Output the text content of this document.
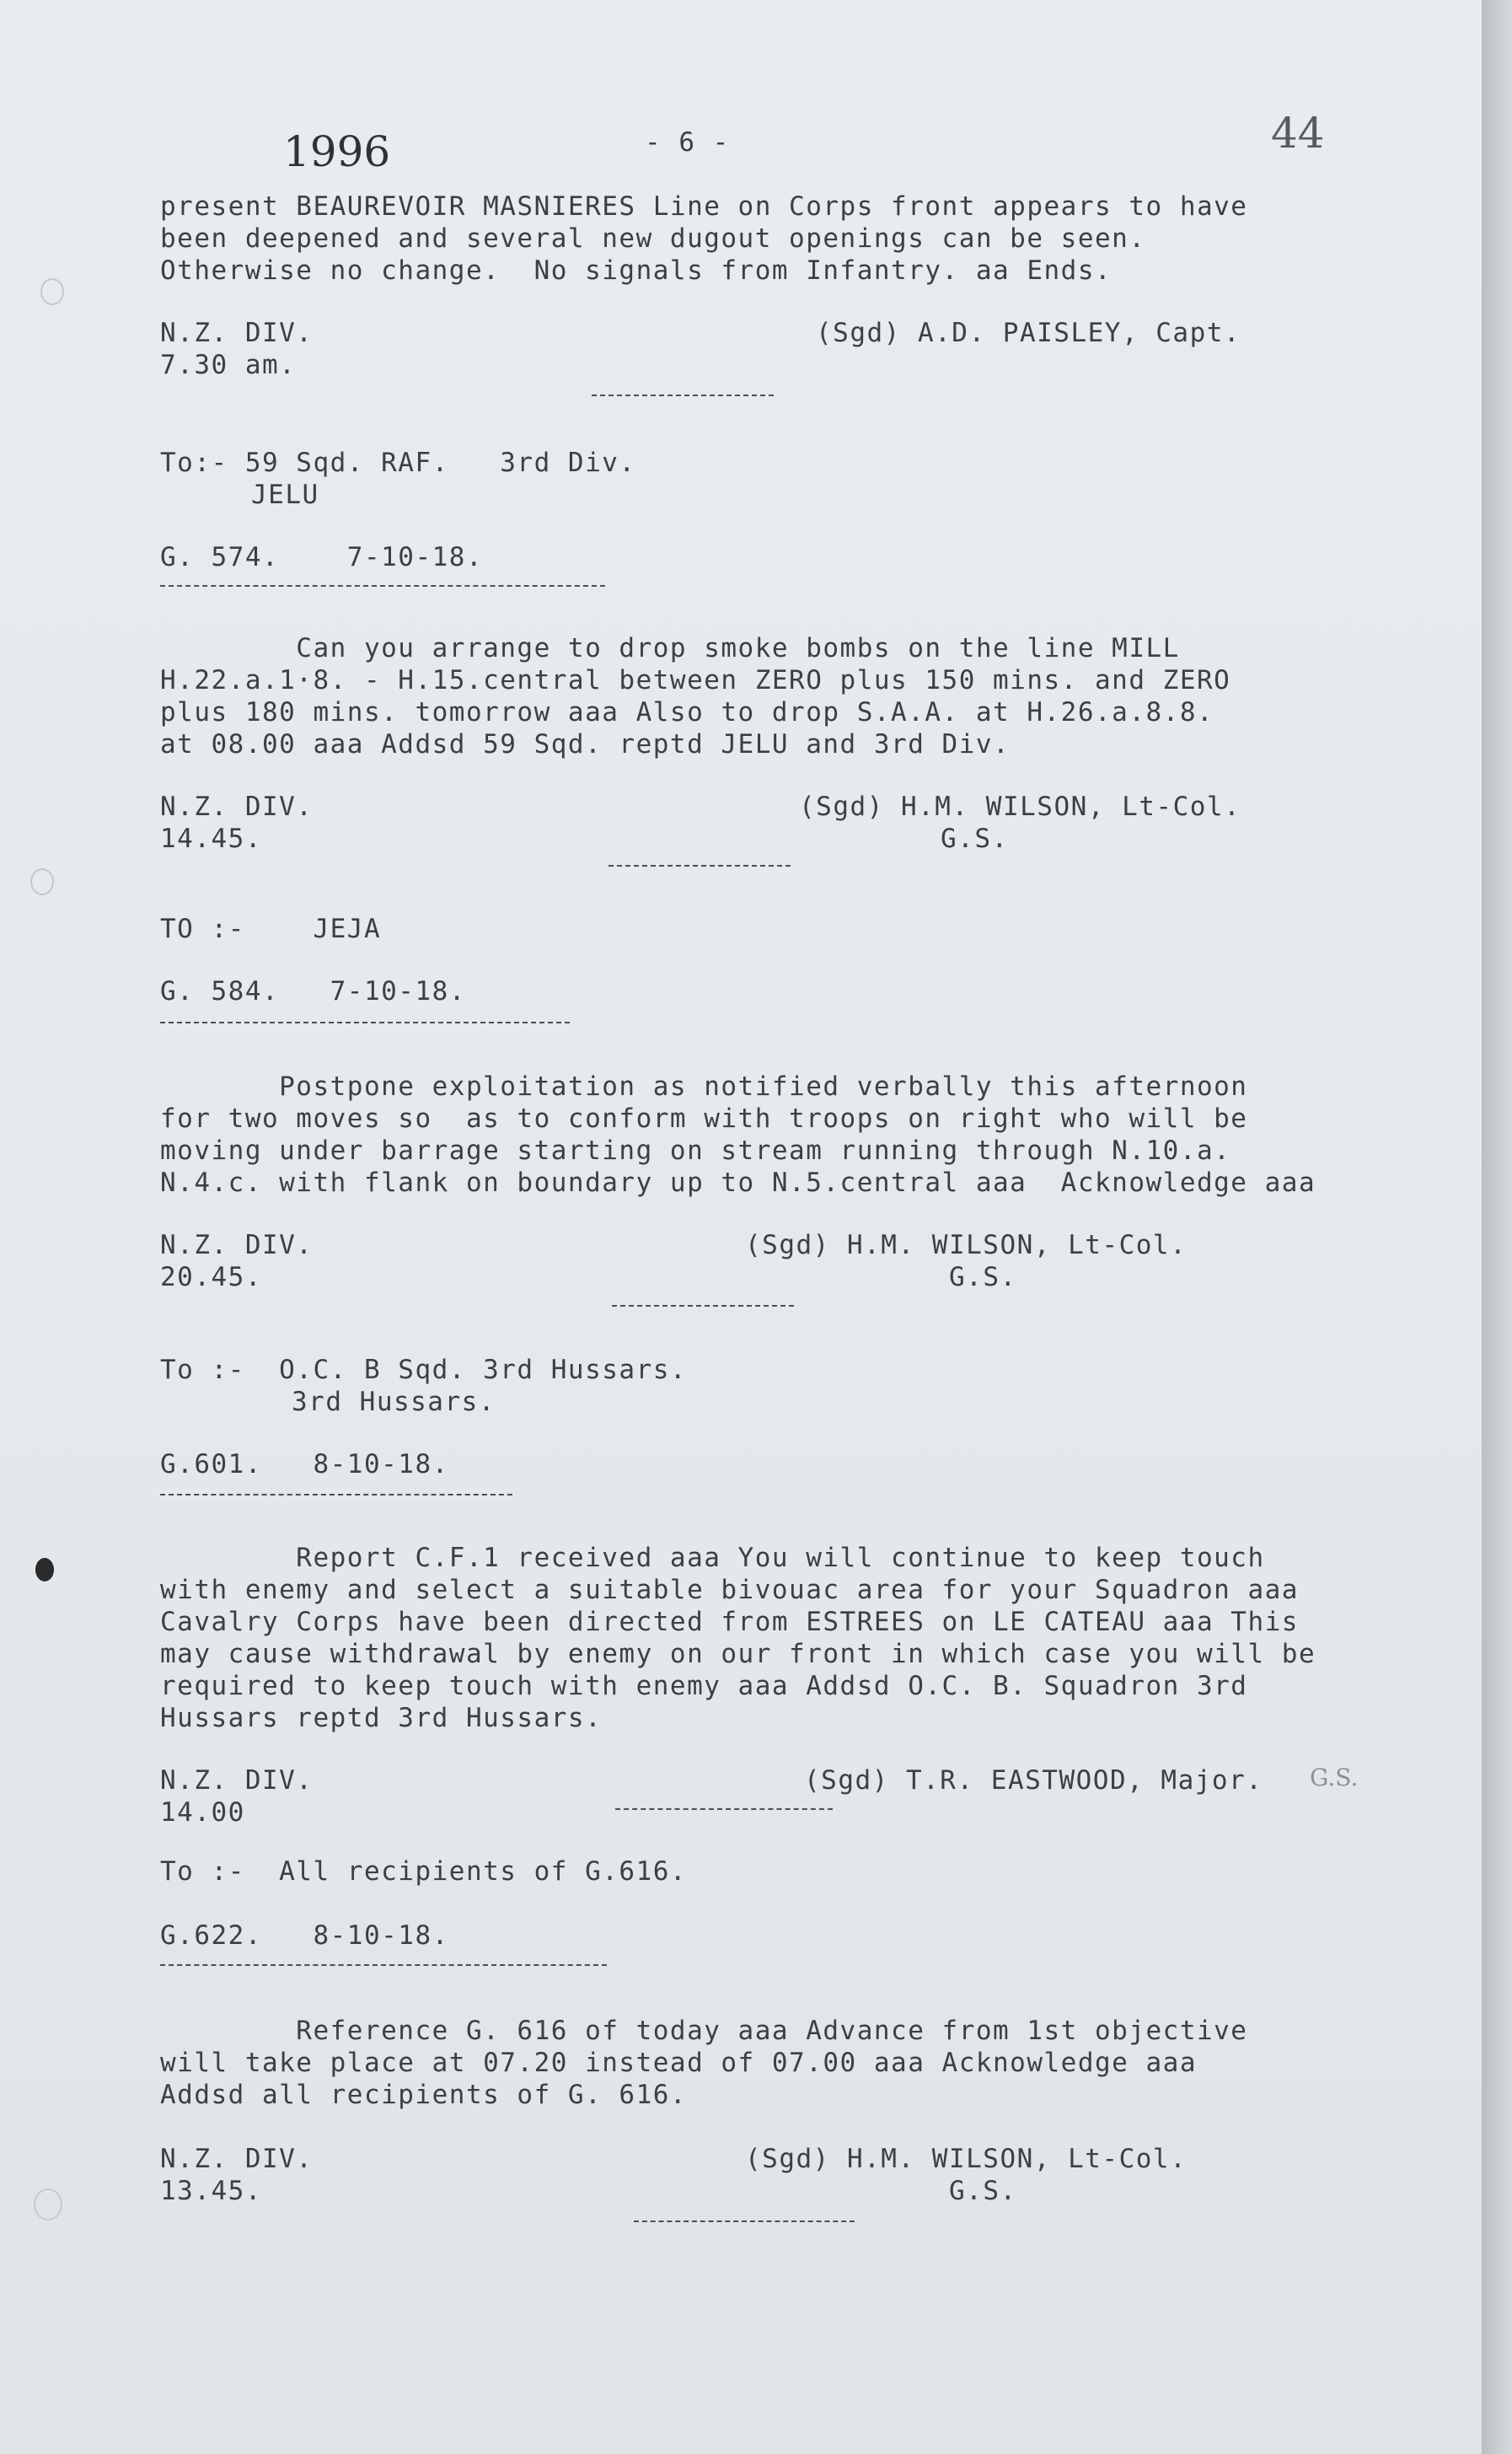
1996	- 6 -	44
present BEAUREVOIR MASNIERES Line on Corps front appears to have
been deepened and several new dugout openings can be seen.
Otherwise no change.  No signals from Infantry. aa Ends.
N.Z. DIV.	(Sgd) A.D. PAISLEY, Capt.
7.30 am.
To:- 59 Sqd. RAF.   3rd Div.
JELU
G. 574.    7-10-18.
Can you arrange to drop smoke bombs on the line MILL
H.22.a.1·8. - H.15.central between ZERO plus 150 mins. and ZERO
plus 180 mins. tomorrow aaa Also to drop S.A.A. at H.26.a.8.8.
at 08.00 aaa Addsd 59 Sqd. reptd JELU and 3rd Div.
N.Z. DIV.	(Sgd) H.M. WILSON, Lt-Col.
14.45.	G.S.
TO :-    JEJA
G. 584.   7-10-18.
Postpone exploitation as notified verbally this afternoon
for two moves so  as to conform with troops on right who will be
moving under barrage starting on stream running through N.10.a.
N.4.c. with flank on boundary up to N.5.central aaa  Acknowledge aaa
N.Z. DIV.	(Sgd) H.M. WILSON, Lt-Col.
20.45.	G.S.
To :-  O.C. B Sqd. 3rd Hussars.
3rd Hussars.
G.601.   8-10-18.
Report C.F.1 received aaa You will continue to keep touch
with enemy and select a suitable bivouac area for your Squadron aaa
Cavalry Corps have been directed from ESTREES on LE CATEAU aaa This
may cause withdrawal by enemy on our front in which case you will be
required to keep touch with enemy aaa Addsd O.C. B. Squadron 3rd
Hussars reptd 3rd Hussars.
N.Z. DIV.	(Sgd) T.R. EASTWOOD, Major. G.S.
14.00
To :-  All recipients of G.616.
G.622.   8-10-18.
Reference G. 616 of today aaa Advance from 1st objective
will take place at 07.20 instead of 07.00 aaa Acknowledge aaa
Addsd all recipients of G. 616.
N.Z. DIV.	(Sgd) H.M. WILSON, Lt-Col.
13.45.	G.S.
